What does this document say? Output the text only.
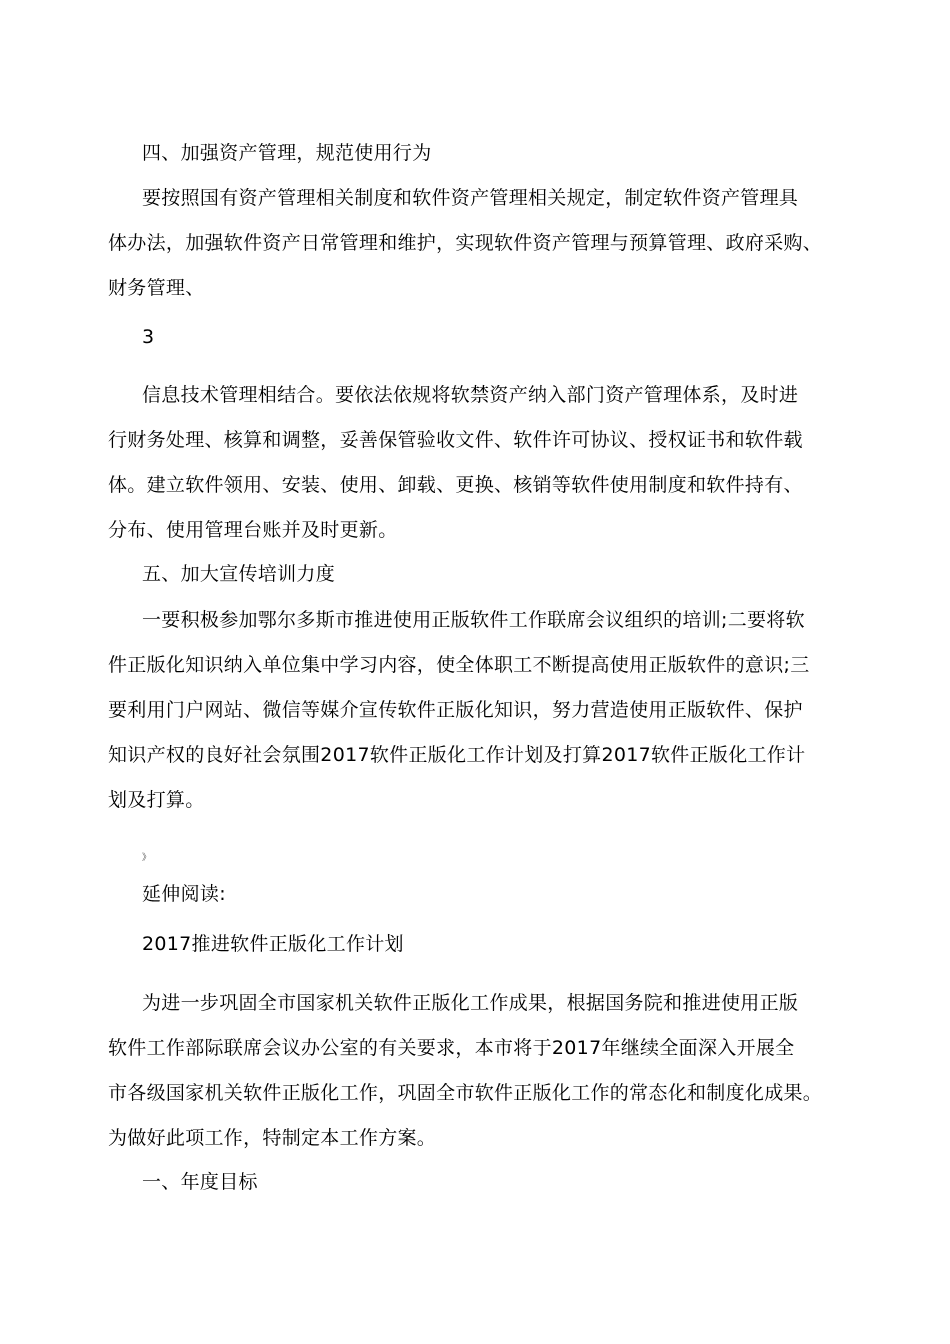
四、加强资产管理，规范使用行为

要按照国有资产管理相关制度和软件资产管理相关规定，制定软件资产管理具
体办法，加强软件资产日常管理和维护，实现软件资产管理与预算管理、政府采购、
财务管理、

3

信息技术管理相结合。要依法依规将软禁资产纳入部门资产管理体系，及时进
行财务处理、核算和调整，妥善保管验收文件、软件许可协议、授权证书和软件载
体。建立软件领用、安装、使用、卸载、更换、核销等软件使用制度和软件持有、
分布、使用管理台账并及时更新。

五、加大宣传培训力度

一要积极参加鄂尔多斯市推进使用正版软件工作联席会议组织的培训;二要将软
件正版化知识纳入单位集中学习内容，使全体职工不断提高使用正版软件的意识;三
要利用门户网站、微信等媒介宣传软件正版化知识，努力营造使用正版软件、保护
知识产权的良好社会氛围2017软件正版化工作计划及打算2017软件正版化工作计
划及打算。

》

延伸阅读:

2017推进软件正版化工作计划

为进一步巩固全市国家机关软件正版化工作成果，根据国务院和推进使用正版
软件工作部际联席会议办公室的有关要求，本市将于2017年继续全面深入开展全
市各级国家机关软件正版化工作，巩固全市软件正版化工作的常态化和制度化成果。
为做好此项工作，特制定本工作方案。

一、年度目标
